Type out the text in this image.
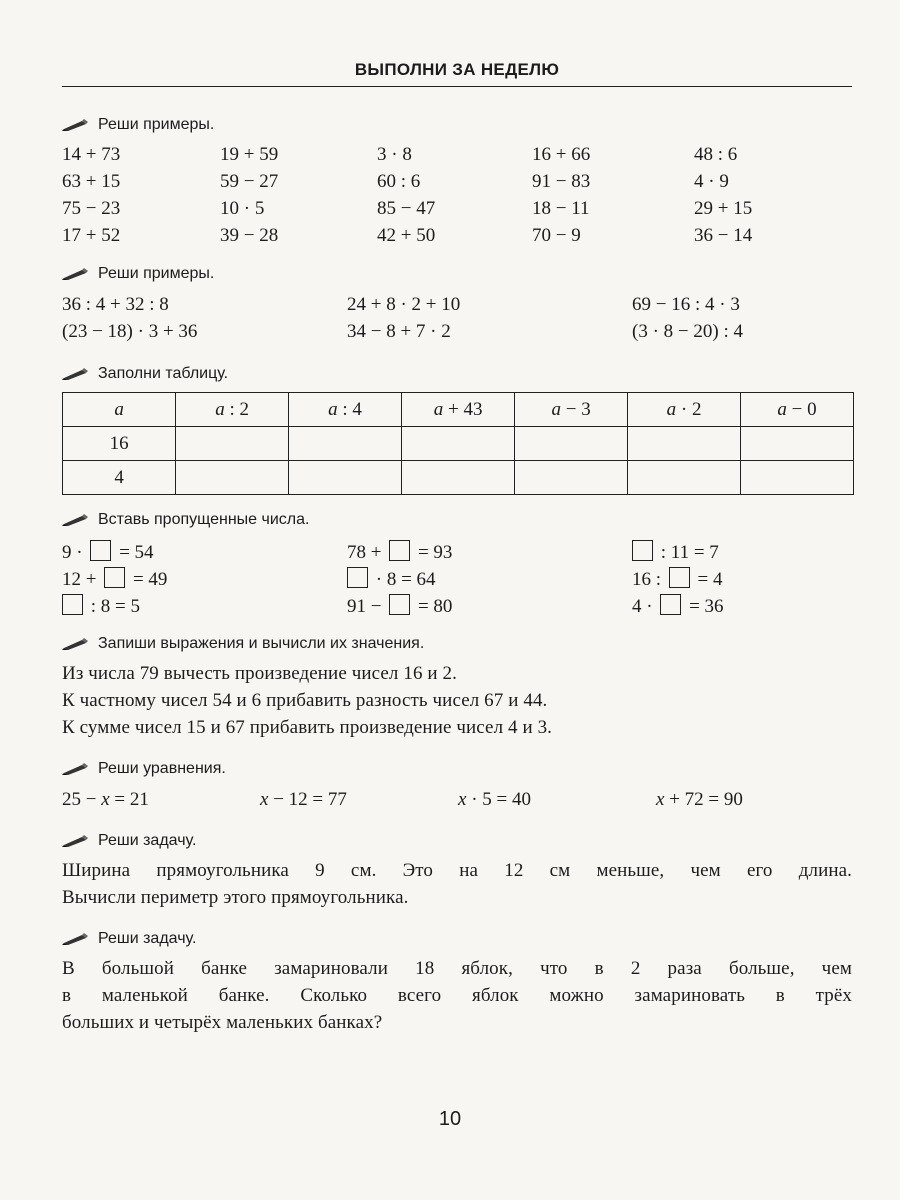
ВЫПОЛНИ ЗА НЕДЕЛЮ
Реши примеры.
14 + 73	19 + 59	3 · 8	16 + 66	48 : 6
63 + 15	59 − 27	60 : 6	91 − 83	4 · 9
75 − 23	10 · 5	85 − 47	18 − 11	29 + 15
17 + 52	39 − 28	42 + 50	70 − 9	36 − 14
Реши примеры.
36 : 4 + 32 : 8	24 + 8 · 2 + 10	69 − 16 : 4 · 3
(23 − 18) · 3 + 36	34 − 8 + 7 · 2	(3 · 8 − 20) : 4
Заполни таблицу.
a	a : 2	a : 4	a + 43	a − 3	a · 2	a − 0
16						
4						
Вставь пропущенные числа.
9 ·  = 54	78 +  = 93	: 11 = 7
12 +  = 49	· 8 = 64	16 :  = 4
: 8 = 5	91 −  = 80	4 ·  = 36
Запиши выражения и вычисли их значения.
Из числа 79 вычесть произведение чисел 16 и 2.
К частному чисел 54 и 6 прибавить разность чисел 67 и 44.
К сумме чисел 15 и 67 прибавить произведение чисел 4 и 3.
Реши уравнения.
25 − x = 21	x − 12 = 77	x · 5 = 40	x + 72 = 90
Реши задачу.
Ширина прямоугольника 9 см. Это на 12 см меньше, чем его длина.
Вычисли периметр этого прямоугольника.
Реши задачу.
В большой банке замариновали 18 яблок, что в 2 раза больше, чем
в маленькой банке. Сколько всего яблок можно замариновать в трёх
больших и четырёх маленьких банках?
10
